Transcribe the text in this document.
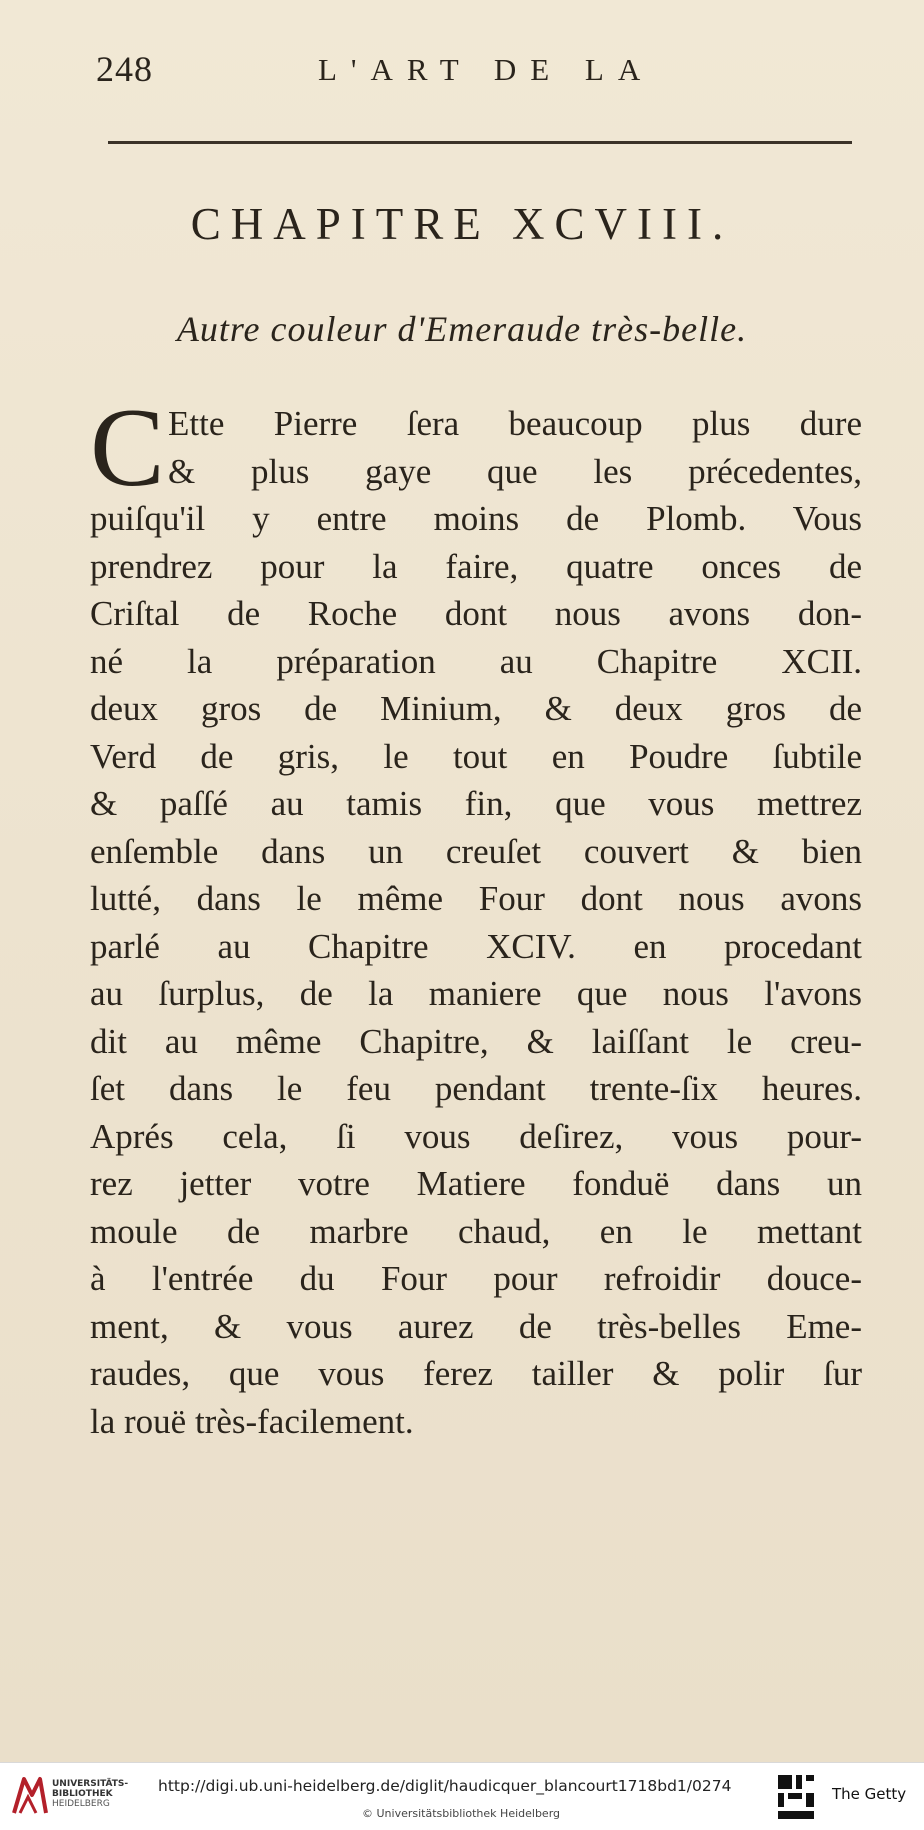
248	L'ART DE LA
CHAPITRE XCVIII.
Autre couleur d'Emeraude très-belle.
C Ette Pierre ſera beaucoup plus dure
& plus gaye que les précedentes,
puiſqu'il y entre moins de Plomb. Vous
prendrez pour la faire, quatre onces de
Criſtal de Roche dont nous avons don-
né la préparation au Chapitre XCII.
deux gros de Minium, & deux gros de
Verd de gris, le tout en Poudre ſubtile
& paſſé au tamis fin, que vous mettrez
enſemble dans un creuſet couvert & bien
lutté, dans le même Four dont nous avons
parlé au Chapitre XCIV. en procedant
au ſurplus, de la maniere que nous l'avons
dit au même Chapitre, & laiſſant le creu-
ſet dans le feu pendant trente-ſix heures.
Aprés cela, ſi vous deſirez, vous pour-
rez jetter votre Matiere fonduë dans un
moule de marbre chaud, en le mettant
à l'entrée du Four pour refroidir douce-
ment, & vous aurez de très-belles Eme-
raudes, que vous ferez tailler & polir ſur
la rouë très-facilement.
UNIVERSITÄTS-
BIBLIOTHEK
HEIDELBERG
http://digi.ub.uni-heidelberg.de/diglit/haudicquer_blancourt1718bd1/0274
© Universitätsbibliothek Heidelberg
The Getty
